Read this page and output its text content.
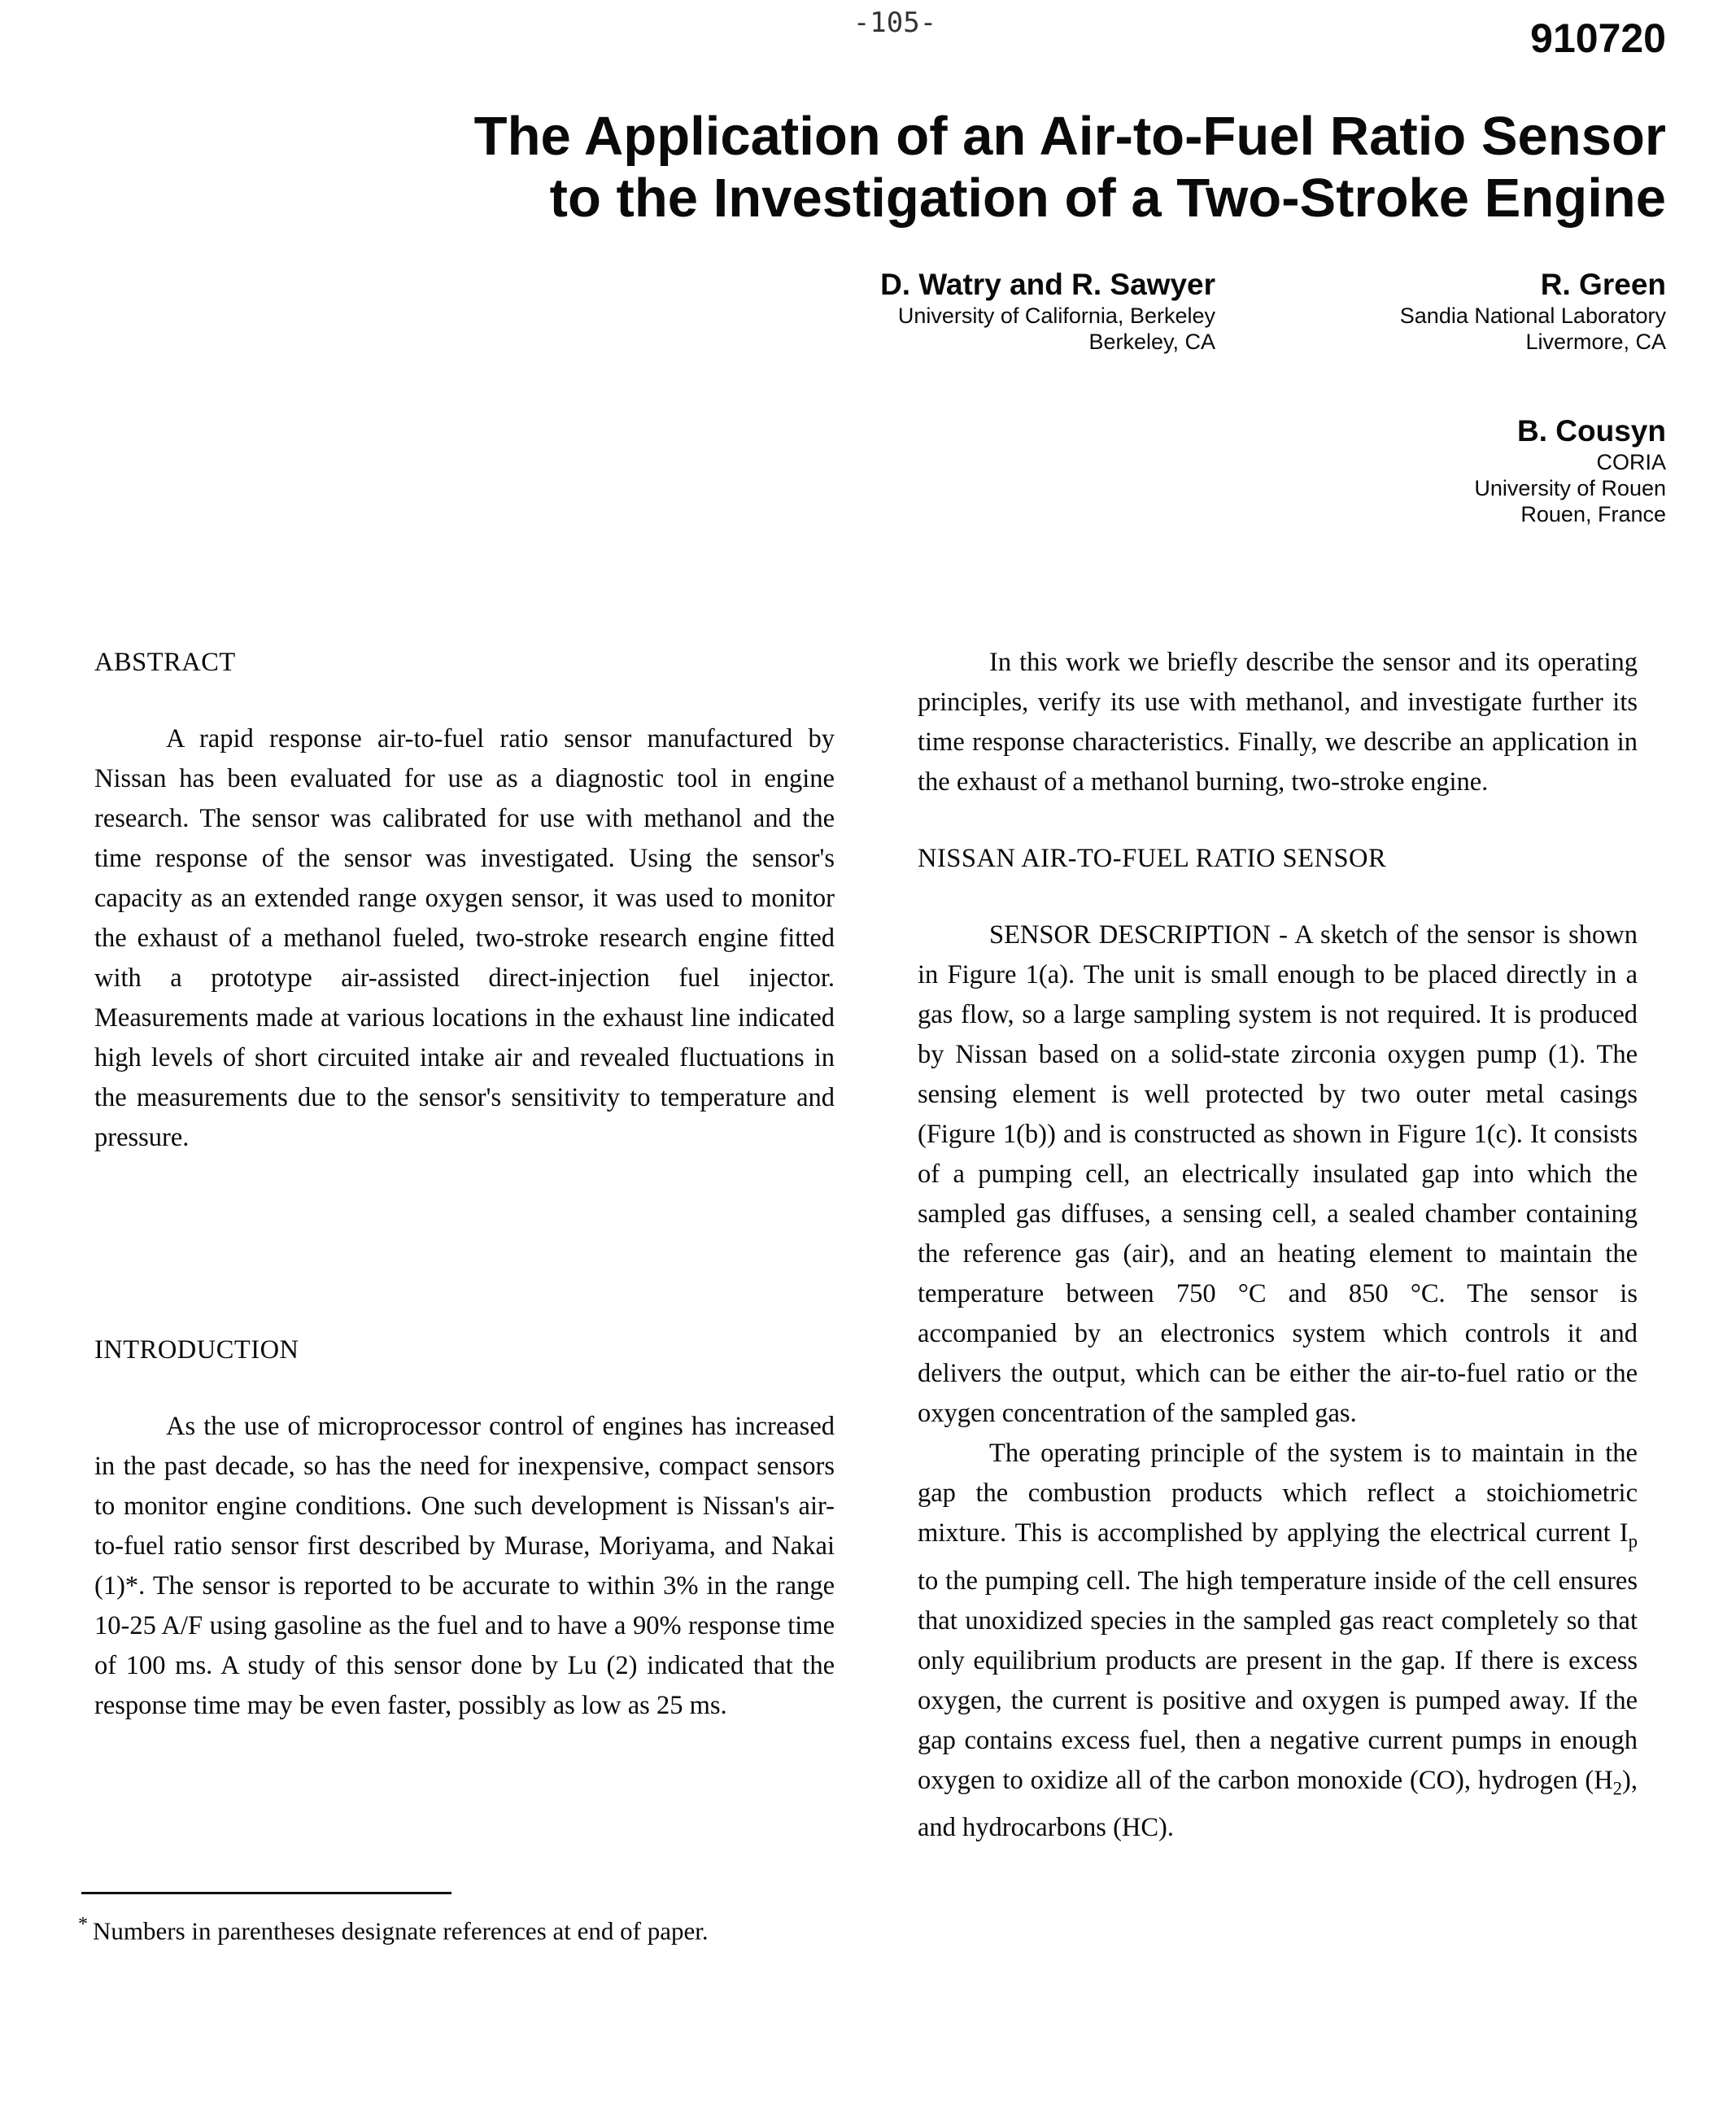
-105-	910720
The Application of an Air-to-Fuel Ratio Sensor
to the Investigation of a Two-Stroke Engine
D. Watry and R. Sawyer
University of California, Berkeley
Berkeley, CA
R. Green
Sandia National Laboratory
Livermore, CA
B. Cousyn
CORIA
University of Rouen
Rouen, France
ABSTRACT

A rapid response air-to-fuel ratio sensor manufactured by Nissan has been evaluated for use as a diagnostic tool in engine research. The sensor was calibrated for use with methanol and the time response of the sensor was investigated. Using the sensor's capacity as an extended range oxygen sensor, it was used to monitor the exhaust of a methanol fueled, two-stroke research engine fitted with a prototype air-assisted direct-injection fuel injector. Measurements made at various locations in the exhaust line indicated high levels of short circuited intake air and revealed fluctuations in the measurements due to the sensor's sensitivity to temperature and pressure.

INTRODUCTION

As the use of microprocessor control of engines has increased in the past decade, so has the need for inexpensive, compact sensors to monitor engine conditions. One such development is Nissan's air-to-fuel ratio sensor first described by Murase, Moriyama, and Nakai (1)*. The sensor is reported to be accurate to within 3% in the range 10-25 A/F using gasoline as the fuel and to have a 90% response time of 100 ms. A study of this sensor done by Lu (2) indicated that the response time may be even faster, possibly as low as 25 ms.

* Numbers in parentheses designate references at end of paper.

In this work we briefly describe the sensor and its operating principles, verify its use with methanol, and investigate further its time response characteristics. Finally, we describe an application in the exhaust of a methanol burning, two-stroke engine.

NISSAN AIR-TO-FUEL RATIO SENSOR

SENSOR DESCRIPTION - A sketch of the sensor is shown in Figure 1(a). The unit is small enough to be placed directly in a gas flow, so a large sampling system is not required. It is produced by Nissan based on a solid-state zirconia oxygen pump (1). The sensing element is well protected by two outer metal casings (Figure 1(b)) and is constructed as shown in Figure 1(c). It consists of a pumping cell, an electrically insulated gap into which the sampled gas diffuses, a sensing cell, a sealed chamber containing the reference gas (air), and an heating element to maintain the temperature between 750 °C and 850 °C. The sensor is accompanied by an electronics system which controls it and delivers the output, which can be either the air-to-fuel ratio or the oxygen concentration of the sampled gas.

The operating principle of the system is to maintain in the gap the combustion products which reflect a stoichiometric mixture. This is accomplished by applying the electrical current $I_p$ to the pumping cell. The high temperature inside of the cell ensures that unoxidized species in the sampled gas react completely so that only equilibrium products are present in the gap. If there is excess oxygen, the current is positive and oxygen is pumped away. If the gap contains excess fuel, then a negative current pumps in enough oxygen to oxidize all of the carbon monoxide (CO), hydrogen $(H_2)$, and hydrocarbons (HC).
